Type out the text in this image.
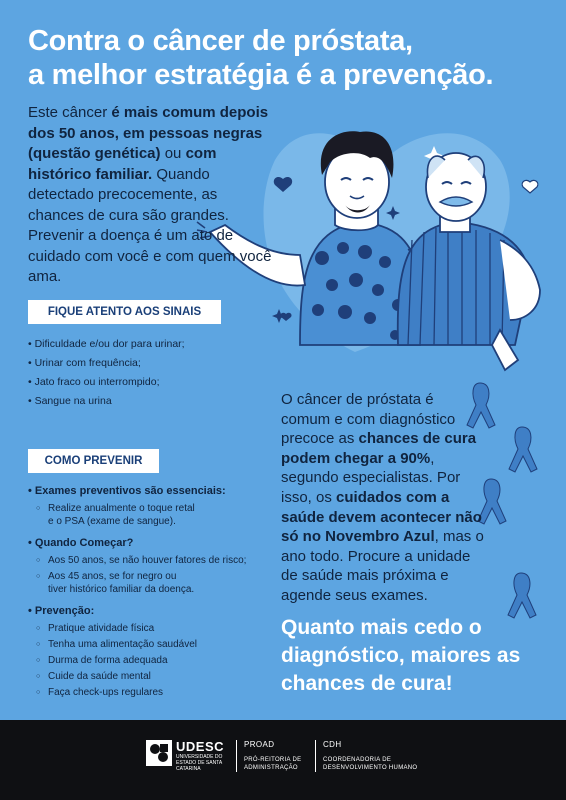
Contra o câncer de próstata,
a melhor estratégia é a prevenção.
Este câncer é mais comum depois dos 50 anos, em pessoas negras (questão genética) ou com histórico familiar. Quando detectado precocemente, as chances de cura são grandes. Prevenir a doença é um ato de cuidado com você e com quem você ama.
FIQUE ATENTO AOS SINAIS
• Dificuldade e/ou dor para urinar;
• Urinar com frequência;
• Jato fraco ou interrompido;
• Sangue na urina
COMO PREVENIR
• Exames preventivos são essenciais:
○ Realize anualmente o toque retal e o PSA (exame de sangue).
• Quando Começar?
○ Aos 50 anos, se não houver fatores de risco;
○ Aos 45 anos, se for negro ou tiver histórico familiar da doença.
• Prevenção:
○ Pratique atividade física
○ Tenha uma alimentação saudável
○ Durma de forma adequada
○ Cuide da saúde mental
○ Faça check-ups regulares
O câncer de próstata é comum e com diagnóstico precoce as chances de cura podem chegar a 90%, segundo especialistas. Por isso, os cuidados com a saúde devem acontecer não só no Novembro Azul, mas o ano todo. Procure a unidade de saúde mais próxima e agende seus exames.
Quanto mais cedo o diagnóstico, maiores as chances de cura!
UDESC
UNIVERSIDADE DO ESTADO DE SANTA CATARINA
PROAD
PRÓ-REITORIA DE ADMINISTRAÇÃO
CDH
COORDENADORIA DE DESENVOLVIMENTO HUMANO
